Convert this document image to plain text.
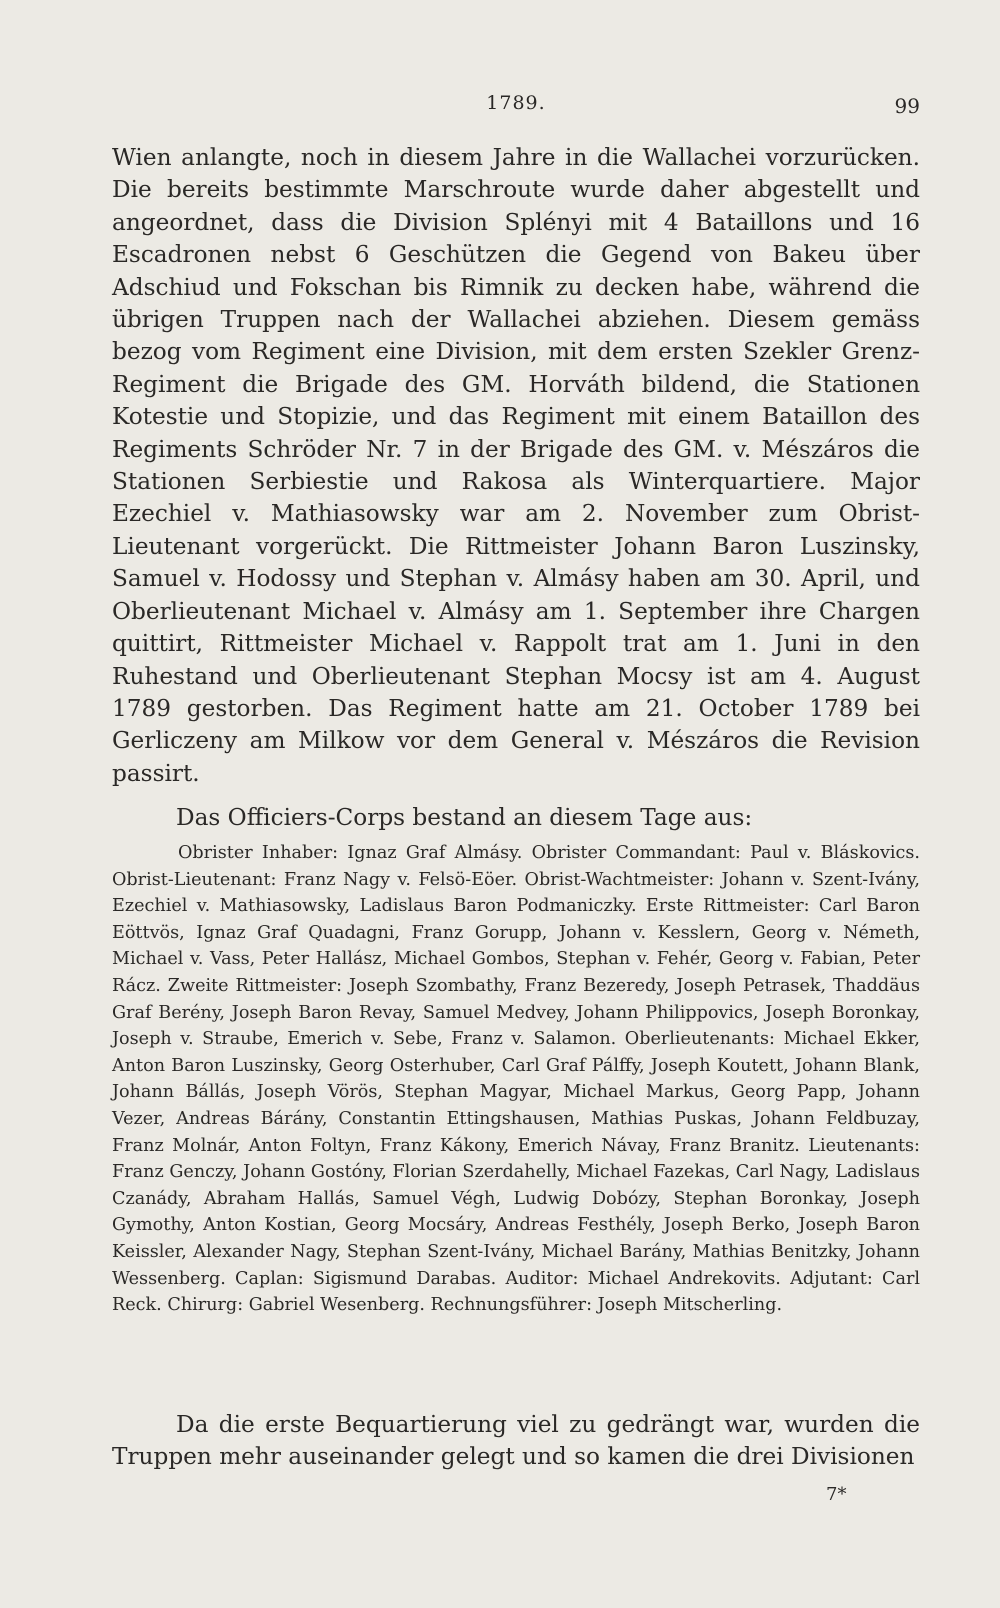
1789.	99

Wien anlangte, noch in diesem Jahre in die Wallachei vorzurücken. Die bereits bestimmte Marschroute wurde daher abgestellt und angeordnet, dass die Division Splényi mit 4 Bataillons und 16 Escadronen nebst 6 Geschützen die Gegend von Bakeu über Adschiud und Fokschan bis Rimnik zu decken habe, während die übrigen Truppen nach der Wallachei abziehen. Diesem gemäss bezog vom Regiment eine Division, mit dem ersten Szekler Grenz-Regiment die Brigade des GM. Horváth bildend, die Stationen Kotestie und Stopizie, und das Regiment mit einem Bataillon des Regiments Schröder Nr. 7 in der Brigade des GM. v. Mészáros die Stationen Serbiestie und Rakosa als Winterquartiere. Major Ezechiel v. Mathiasowsky war am 2. November zum Obrist-Lieutenant vorgerückt. Die Rittmeister Johann Baron Luszinsky, Samuel v. Hodossy und Stephan v. Almásy haben am 30. April, und Oberlieutenant Michael v. Almásy am 1. September ihre Chargen quittirt, Rittmeister Michael v. Rappolt trat am 1. Juni in den Ruhestand und Oberlieutenant Stephan Mocsy ist am 4. August 1789 gestorben. Das Regiment hatte am 21. October 1789 bei Gerliczeny am Milkow vor dem General v. Mészáros die Revision passirt.

Das Officiers-Corps bestand an diesem Tage aus:

Obrister Inhaber: Ignaz Graf Almásy. Obrister Commandant: Paul v. Bláskovics. Obrist-Lieutenant: Franz Nagy v. Felsö-Eöer. Obrist-Wachtmeister: Johann v. Szent-Ivány, Ezechiel v. Mathiasowsky, Ladislaus Baron Podmaniczky. Erste Rittmeister: Carl Baron Eöttvös, Ignaz Graf Quadagni, Franz Gorupp, Johann v. Kesslern, Georg v. Németh, Michael v. Vass, Peter Hallász, Michael Gombos, Stephan v. Fehér, Georg v. Fabian, Peter Rácz. Zweite Rittmeister: Joseph Szombathy, Franz Bezeredy, Joseph Petrasek, Thaddäus Graf Berény, Joseph Baron Revay, Samuel Medvey, Johann Philippovics, Joseph Boronkay, Joseph v. Straube, Emerich v. Sebe, Franz v. Salamon. Oberlieutenants: Michael Ekker, Anton Baron Luszinsky, Georg Osterhuber, Carl Graf Pálffy, Joseph Koutett, Johann Blank, Johann Bállás, Joseph Vörös, Stephan Magyar, Michael Markus, Georg Papp, Johann Vezer, Andreas Bárány, Constantin Ettingshausen, Mathias Puskas, Johann Feldbuzay, Franz Molnár, Anton Foltyn, Franz Kákony, Emerich Návay, Franz Branitz. Lieutenants: Franz Genczy, Johann Gostóny, Florian Szerdahelly, Michael Fazekas, Carl Nagy, Ladislaus Czanády, Abraham Hallás, Samuel Végh, Ludwig Dobózy, Stephan Boronkay, Joseph Gymothy, Anton Kostian, Georg Mocsáry, Andreas Festhély, Joseph Berko, Joseph Baron Keissler, Alexander Nagy, Stephan Szent-Ivány, Michael Barány, Mathias Benitzky, Johann Wessenberg. Caplan: Sigismund Darabas. Auditor: Michael Andrekovits. Adjutant: Carl Reck. Chirurg: Gabriel Wesenberg. Rechnungsführer: Joseph Mitscherling.

Da die erste Bequartierung viel zu gedrängt war, wurden die Truppen mehr auseinander gelegt und so kamen die drei Divisionen

7*
